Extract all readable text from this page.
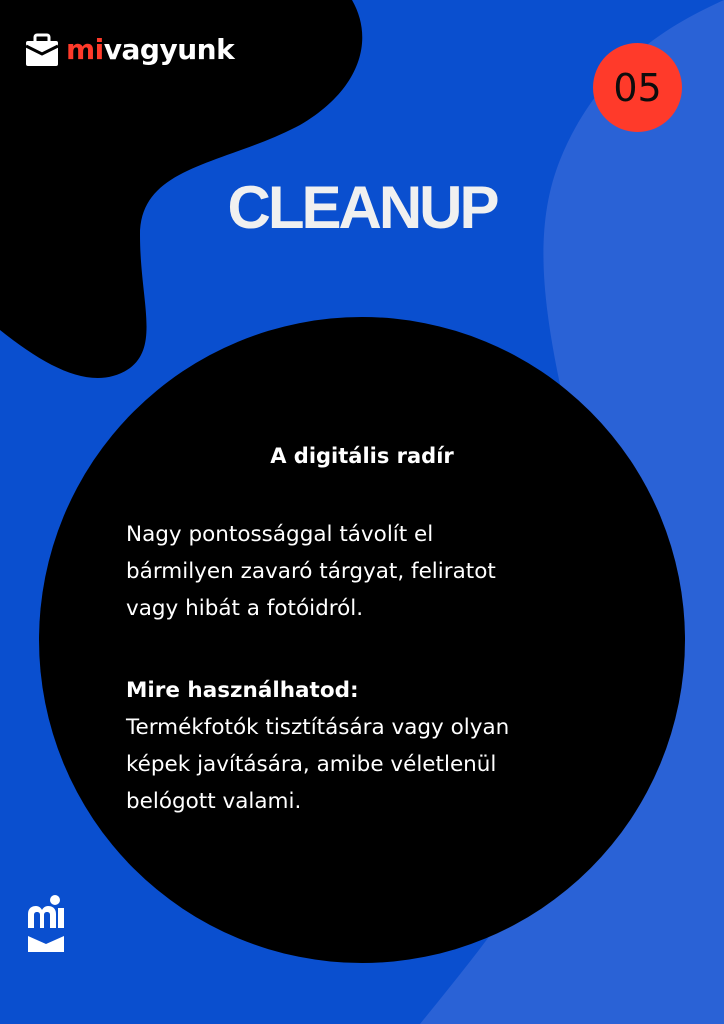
mivagyunk
05
CLEANUP
A digitális radír

Nagy pontossággal távolít el

bármilyen zavaró tárgyat, feliratot

vagy hibát a fotóidról.

Mire használhatod:

Termékfotók tisztítására vagy olyan

képek javítására, amibe véletlenül

belógott valami.
